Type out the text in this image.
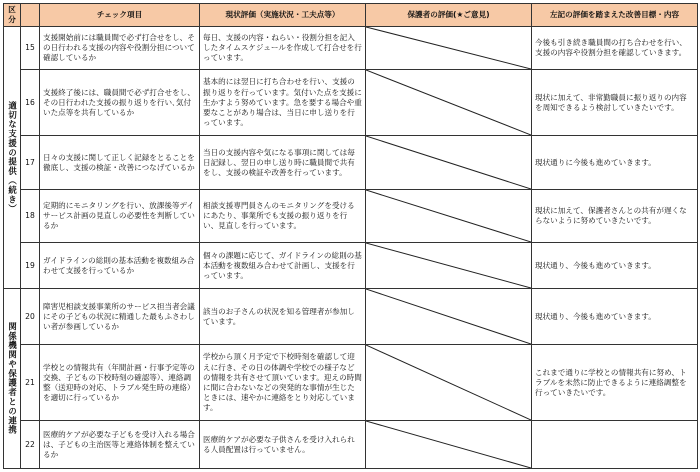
区分		チェック項目	現状評価（実施状況・工夫点等）	保護者の評価(★ご意見)	左記の評価を踏まえた改善目標・内容

適切な支援の提供（続き）	15	支援開始前には職員間で必ず打合せをし、その日行われる支援の内容や役割分担について確認しているか	毎日、支援の内容・ねらい・役割分担を記入したタイムスケジュールを作成して打合せを行っています。		今後も引き続き職員間の打ち合わせを行い、支援の内容や役割分担を確認していきます。
	16	支援終了後には、職員間で必ず打合せをし、その日行われた支援の振り返りを行い､気付いた点等を共有しているか	基本的には翌日に打ち合わせを行い、支援の振り返りを行っています。気付いた点を支援に生かすよう努めています。急を要する場合や重要なことがあり場合は、当日に申し送りを行っています。		現状に加えて、非常勤職員に振り返りの内容を周知できるよう検討していきたいです。
	17	日々の支援に関して正しく記録をとることを徹底し、支援の検証・改善につなげているか	当日の支援内容や気になる事項に関しては毎日記録し、翌日の申し送り時に職員間で共有をし、支援の検証や改善を行っています。		現状通りに今後も進めていきます。
	18	定期的にモニタリングを行い、放課後等デイサービス計画の見直しの必要性を判断しているか	相談支援専門員さんのモニタリングを受けるにあたり、事業所でも支援の振り返りを行い、見直しを行っています。		現状に加えて、保護者さんとの共有が遅くならないように努めていきたいです。
	19	ガイドラインの総則の基本活動を複数組み合わせて支援を行っているか	個々の課題に応じて、ガイドラインの総則の基本活動を複数組み合わせて計画し、支援を行っています。		現状通り、今後も進めていきます。

関係機関や保護者との連携	20	障害児相談支援事業所のサービス担当者会議にその子どもの状況に精通した最もふさわしい者が参画しているか	該当のお子さんの状況を知る管理者が参加しています。		現状通り、今後も進めていきます。
	21	学校との情報共有（年間計画・行事予定等の交換、子どもの下校時刻の確認等）、連絡調整（送迎時の対応、トラブル発生時の連絡）を適切に行っているか	学校から頂く月予定で下校時刻を確認して迎えに行き、その日の体調や学校での様子などの情報を共有させて頂いています。迎えの時間に間に合わないなどの突発的な事情が生じたときには、速やかに連絡をとり対応しています。		これまで通りに学校との情報共有に努め、トラブルを未然に防止できるように連絡調整を行っていきたいです。
	22	医療的ケアが必要な子どもを受け入れる場合は、子どもの主治医等と連絡体制を整えているか	医療的ケアが必要な子供さんを受け入れられる人員配置は行っていません。	
